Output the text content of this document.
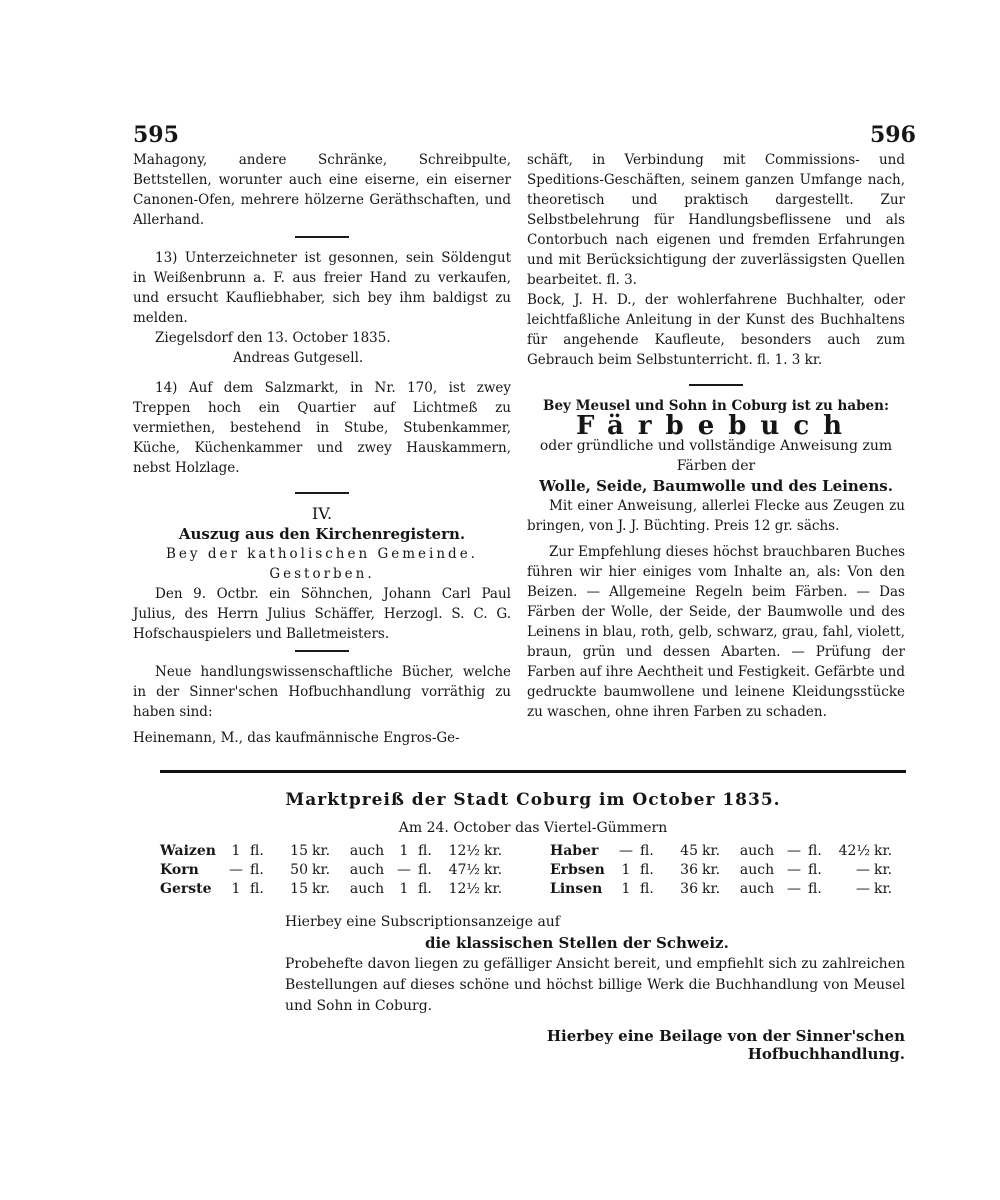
595	596

Mahagony, andere Schränke, Schreibpulte, Bettstellen, worunter auch eine eiserne, ein eiserner Canonen-Ofen, mehrere hölzerne Geräthschaften, und Allerhand.

13) Unterzeichneter ist gesonnen, sein Söldengut in Weißenbrunn a. F. aus freier Hand zu verkaufen, und ersucht Kaufliebhaber, sich bey ihm baldigst zu melden.

Ziegelsdorf den 13. October 1835.

Andreas Gutgesell.

14) Auf dem Salzmarkt, in Nr. 170, ist zwey Treppen hoch ein Quartier auf Lichtmeß zu vermiethen, bestehend in Stube, Stubenkammer, Küche, Küchenkammer und zwey Hauskammern, nebst Holzlage.

IV.

Auszug aus den Kirchenregistern.

Bey der katholischen Gemeinde.

Gestorben.

Den 9. Octbr. ein Söhnchen, Johann Carl Paul Julius, des Herrn Julius Schäffer, Herzogl. S. C. G. Hofschauspielers und Balletmeisters.

Neue handlungswissenschaftliche Bücher, welche in der Sinner'schen Hofbuchhandlung vorräthig zu haben sind:

Heinemann, M., das kaufmännische Engros-Ge-

schäft, in Verbindung mit Commissions- und Speditions-Geschäften, seinem ganzen Umfange nach, theoretisch und praktisch dargestellt. Zur Selbstbelehrung für Handlungsbeflissene und als Contorbuch nach eigenen und fremden Erfahrungen und mit Berücksichtigung der zuverlässigsten Quellen bearbeitet. fl. 3.

Bock, J. H. D., der wohlerfahrene Buchhalter, oder leichtfaßliche Anleitung in der Kunst des Buchhaltens für angehende Kaufleute, besonders auch zum Gebrauch beim Selbstunterricht. fl. 1. 3 kr.

Bey Meusel und Sohn in Coburg ist zu haben:

Färbebuch

oder gründliche und vollständige Anweisung zum Färben der

Wolle, Seide, Baumwolle und des Leinens.

Mit einer Anweisung, allerlei Flecke aus Zeugen zu bringen, von J. J. Büchting. Preis 12 gr. sächs.

Zur Empfehlung dieses höchst brauchbaren Buches führen wir hier einiges vom Inhalte an, als: Von den Beizen. — Allgemeine Regeln beim Färben. — Das Färben der Wolle, der Seide, der Baumwolle und des Leinens in blau, roth, gelb, schwarz, grau, fahl, violett, braun, grün und dessen Abarten. — Prüfung der Farben auf ihre Aechtheit und Festigkeit. Gefärbte und gedruckte baumwollene und leinene Kleidungsstücke zu waschen, ohne ihren Farben zu schaden.

Marktpreiß der Stadt Coburg im October 1835.
Am 24. October das Viertel-Gümmern
Waizen	1 fl.	15 kr.	auch	1 fl.	12½ kr.
Korn	— fl.	50 kr.	auch — fl.	47½ kr.
Gerste	1 fl.	15 kr.	auch	1 fl.	12½ kr.
Haber	— fl.	45 kr.	auch — fl.	42½ kr.
Erbsen	1 fl.	36 kr.	auch — fl.	— kr.
Linsen	1 fl.	36 kr.	auch — fl.	— kr.

Hierbey eine Subscriptionsanzeige auf

die klassischen Stellen der Schweiz.

Probehefte davon liegen zu gefälliger Ansicht bereit, und empfiehlt sich zu zahlreichen Bestellungen auf dieses schöne und höchst billige Werk die Buchhandlung von Meusel und Sohn in Coburg.

Hierbey eine Beilage von der Sinner'schen Hofbuchhandlung.
